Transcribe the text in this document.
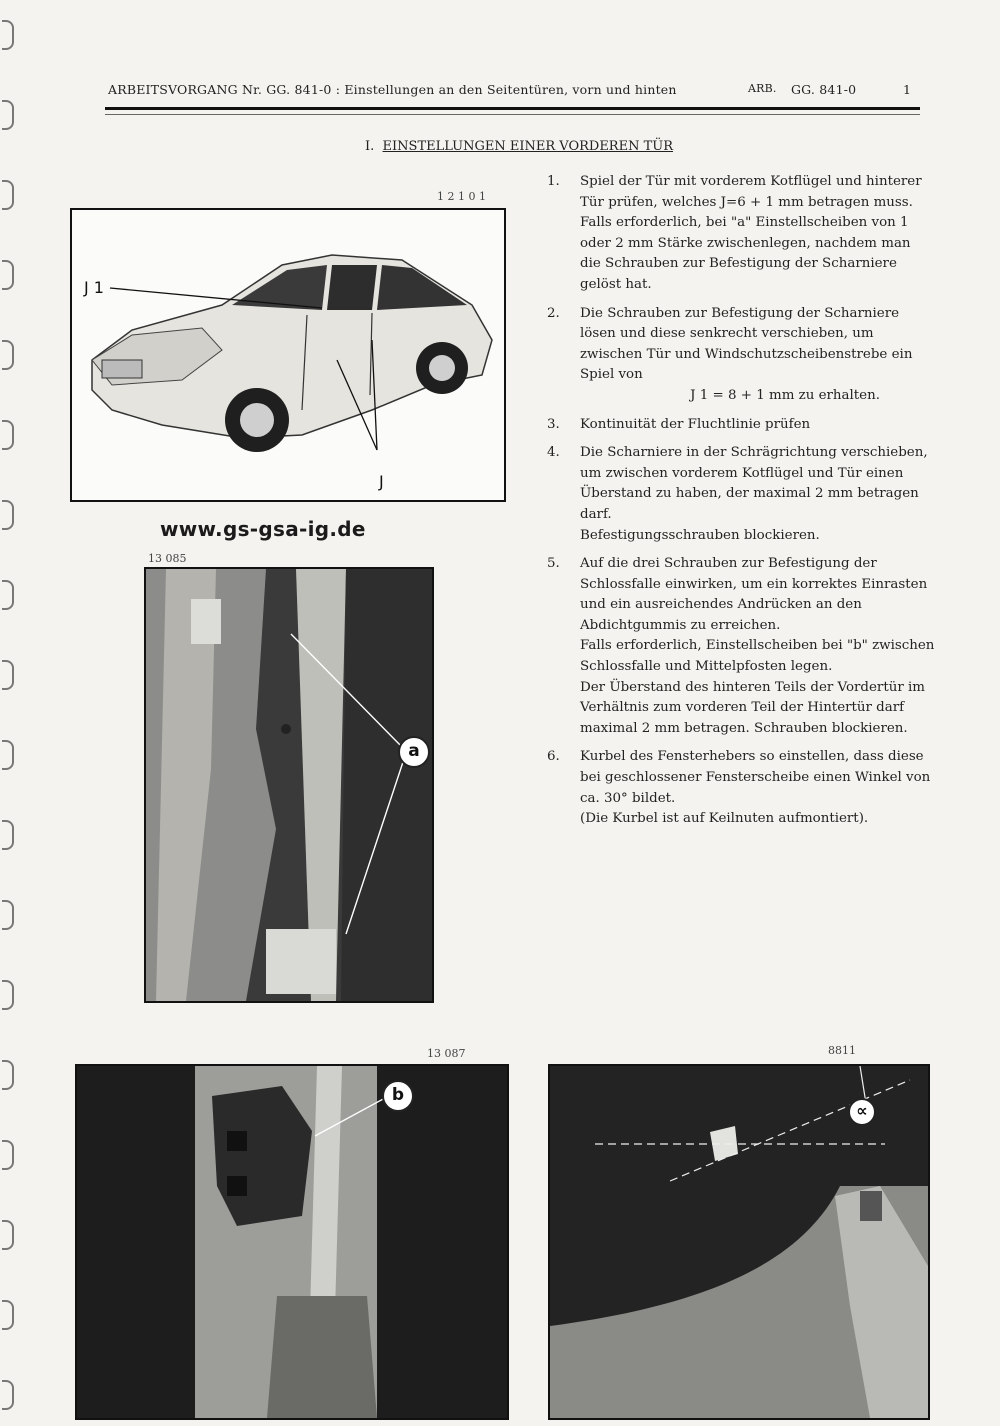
ARBEITSVORGANG Nr. GG. 841-0 : Einstellungen an den Seitentüren, vorn und hinten	ARB. GG. 841-0	1
I. EINSTELLUNGEN EINER VORDEREN TÜR
1 2 1 0 1
J 1
J
www.gs-gsa-ig.de
13 085
a
1. Spiel der Tür mit vorderem Kotflügel und hinterer Tür prüfen, welches J=6 + 1 mm betragen muss.
Falls erforderlich, bei "a" Einstellscheiben von 1 oder 2 mm Stärke zwischenlegen, nachdem man die Schrauben zur Befestigung der Scharniere gelöst hat.
2. Die Schrauben zur Befestigung der Scharniere lösen und diese senkrecht verschieben, um zwischen Tür und Windschutzscheibenstrebe ein Spiel von
J 1 = 8 + 1 mm zu erhalten.
3. Kontinuität der Fluchtlinie prüfen
4. Die Scharniere in der Schrägrichtung verschieben, um zwischen vorderem Kotflügel und Tür einen Überstand zu haben, der maximal 2 mm betragen darf.
Befestigungsschrauben blockieren.
5. Auf die drei Schrauben zur Befestigung der Schlossfalle einwirken, um ein korrektes Einrasten und ein ausreichendes Andrücken an den Abdichtgummis zu erreichen.
Falls erforderlich, Einstellscheiben bei "b" zwischen Schlossfalle und Mittelpfosten legen.
Der Überstand des hinteren Teils der Vordertür im Verhältnis zum vorderen Teil der Hintertür darf maximal 2 mm betragen. Schrauben blockieren.
6. Kurbel des Fensterhebers so einstellen, dass diese bei geschlossener Fensterscheibe einen Winkel von ca. 30° bildet.
(Die Kurbel ist auf Keilnuten aufmontiert).
13 087
b
8811
∝
